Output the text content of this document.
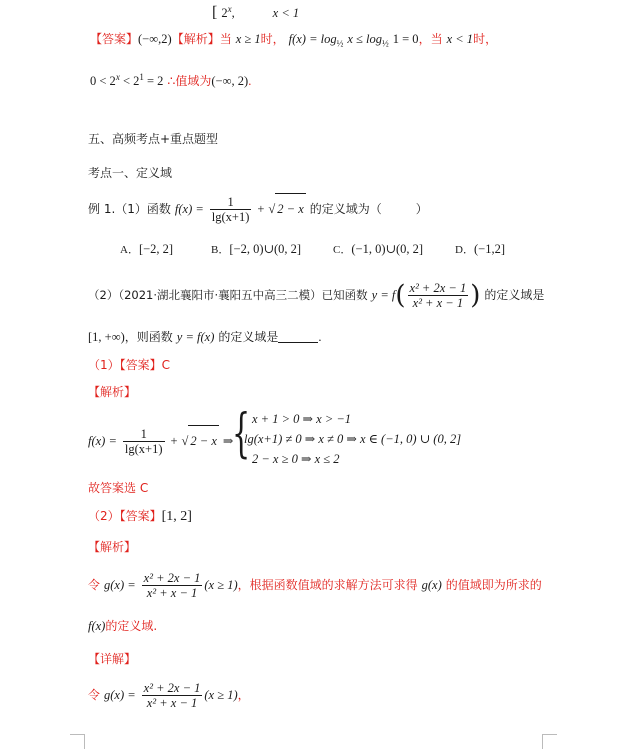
[ 2$^x$,	x < 1
【答案】(−∞,2)【解析】当 x ≥ 1时， $f(x) = \log_{\frac{1}{2}} x \le \log_{\frac{1}{2}} 1 = 0$，当 x < 1时，
$0 < 2^x < 2^1 = 2$ ∴值域为(−∞, 2).
五、高频考点+重点题型
考点一、定义域
例 1.（1）函数 $f(x) = \frac{1}{\lg(x+1)}$ + √ 2 − x 的定义域为（	）
A．[−2, 2]	B．[−2, 0)∪(0, 2]	C．(−1, 0)∪(0, 2]	D．(−1,2]
（2）（2021·湖北襄阳市·襄阳五中高三二模）已知函数 $y = f( \frac{\text{x² + 2x − 1}}{\text{x² + x − 1}}$ ) 的定义域是
[1, +∞)，则函数 y = f(x) 的定义域是	.
（1）【答案】C
【解析】
$f(x) = \frac{1}{\lg(x+1)}$ + √ 2 − x ⇒
{ x + 1 > 0 ⇒ x > −1
lg(x+1) ≠ 0 ⇒ x ≠ 0 ⇒ x ∈ (−1, 0) ∪ (0, 2]
2 − x ≥ 0 ⇒ x ≤ 2
故答案选 C
（2）【答案】[1, 2]
【解析】
令 $g(x) = \frac{\text{x² + 2x − 1}}{\text{x² + x − 1}} (x \ge 1)$，根据函数值域的求解方法可求得 g(x) 的值域即为所求的
f(x)的定义域.
【详解】
令 $g(x) = \frac{\text{x² + 2x − 1}}{\text{x² + x − 1}} (x \ge 1)$，
